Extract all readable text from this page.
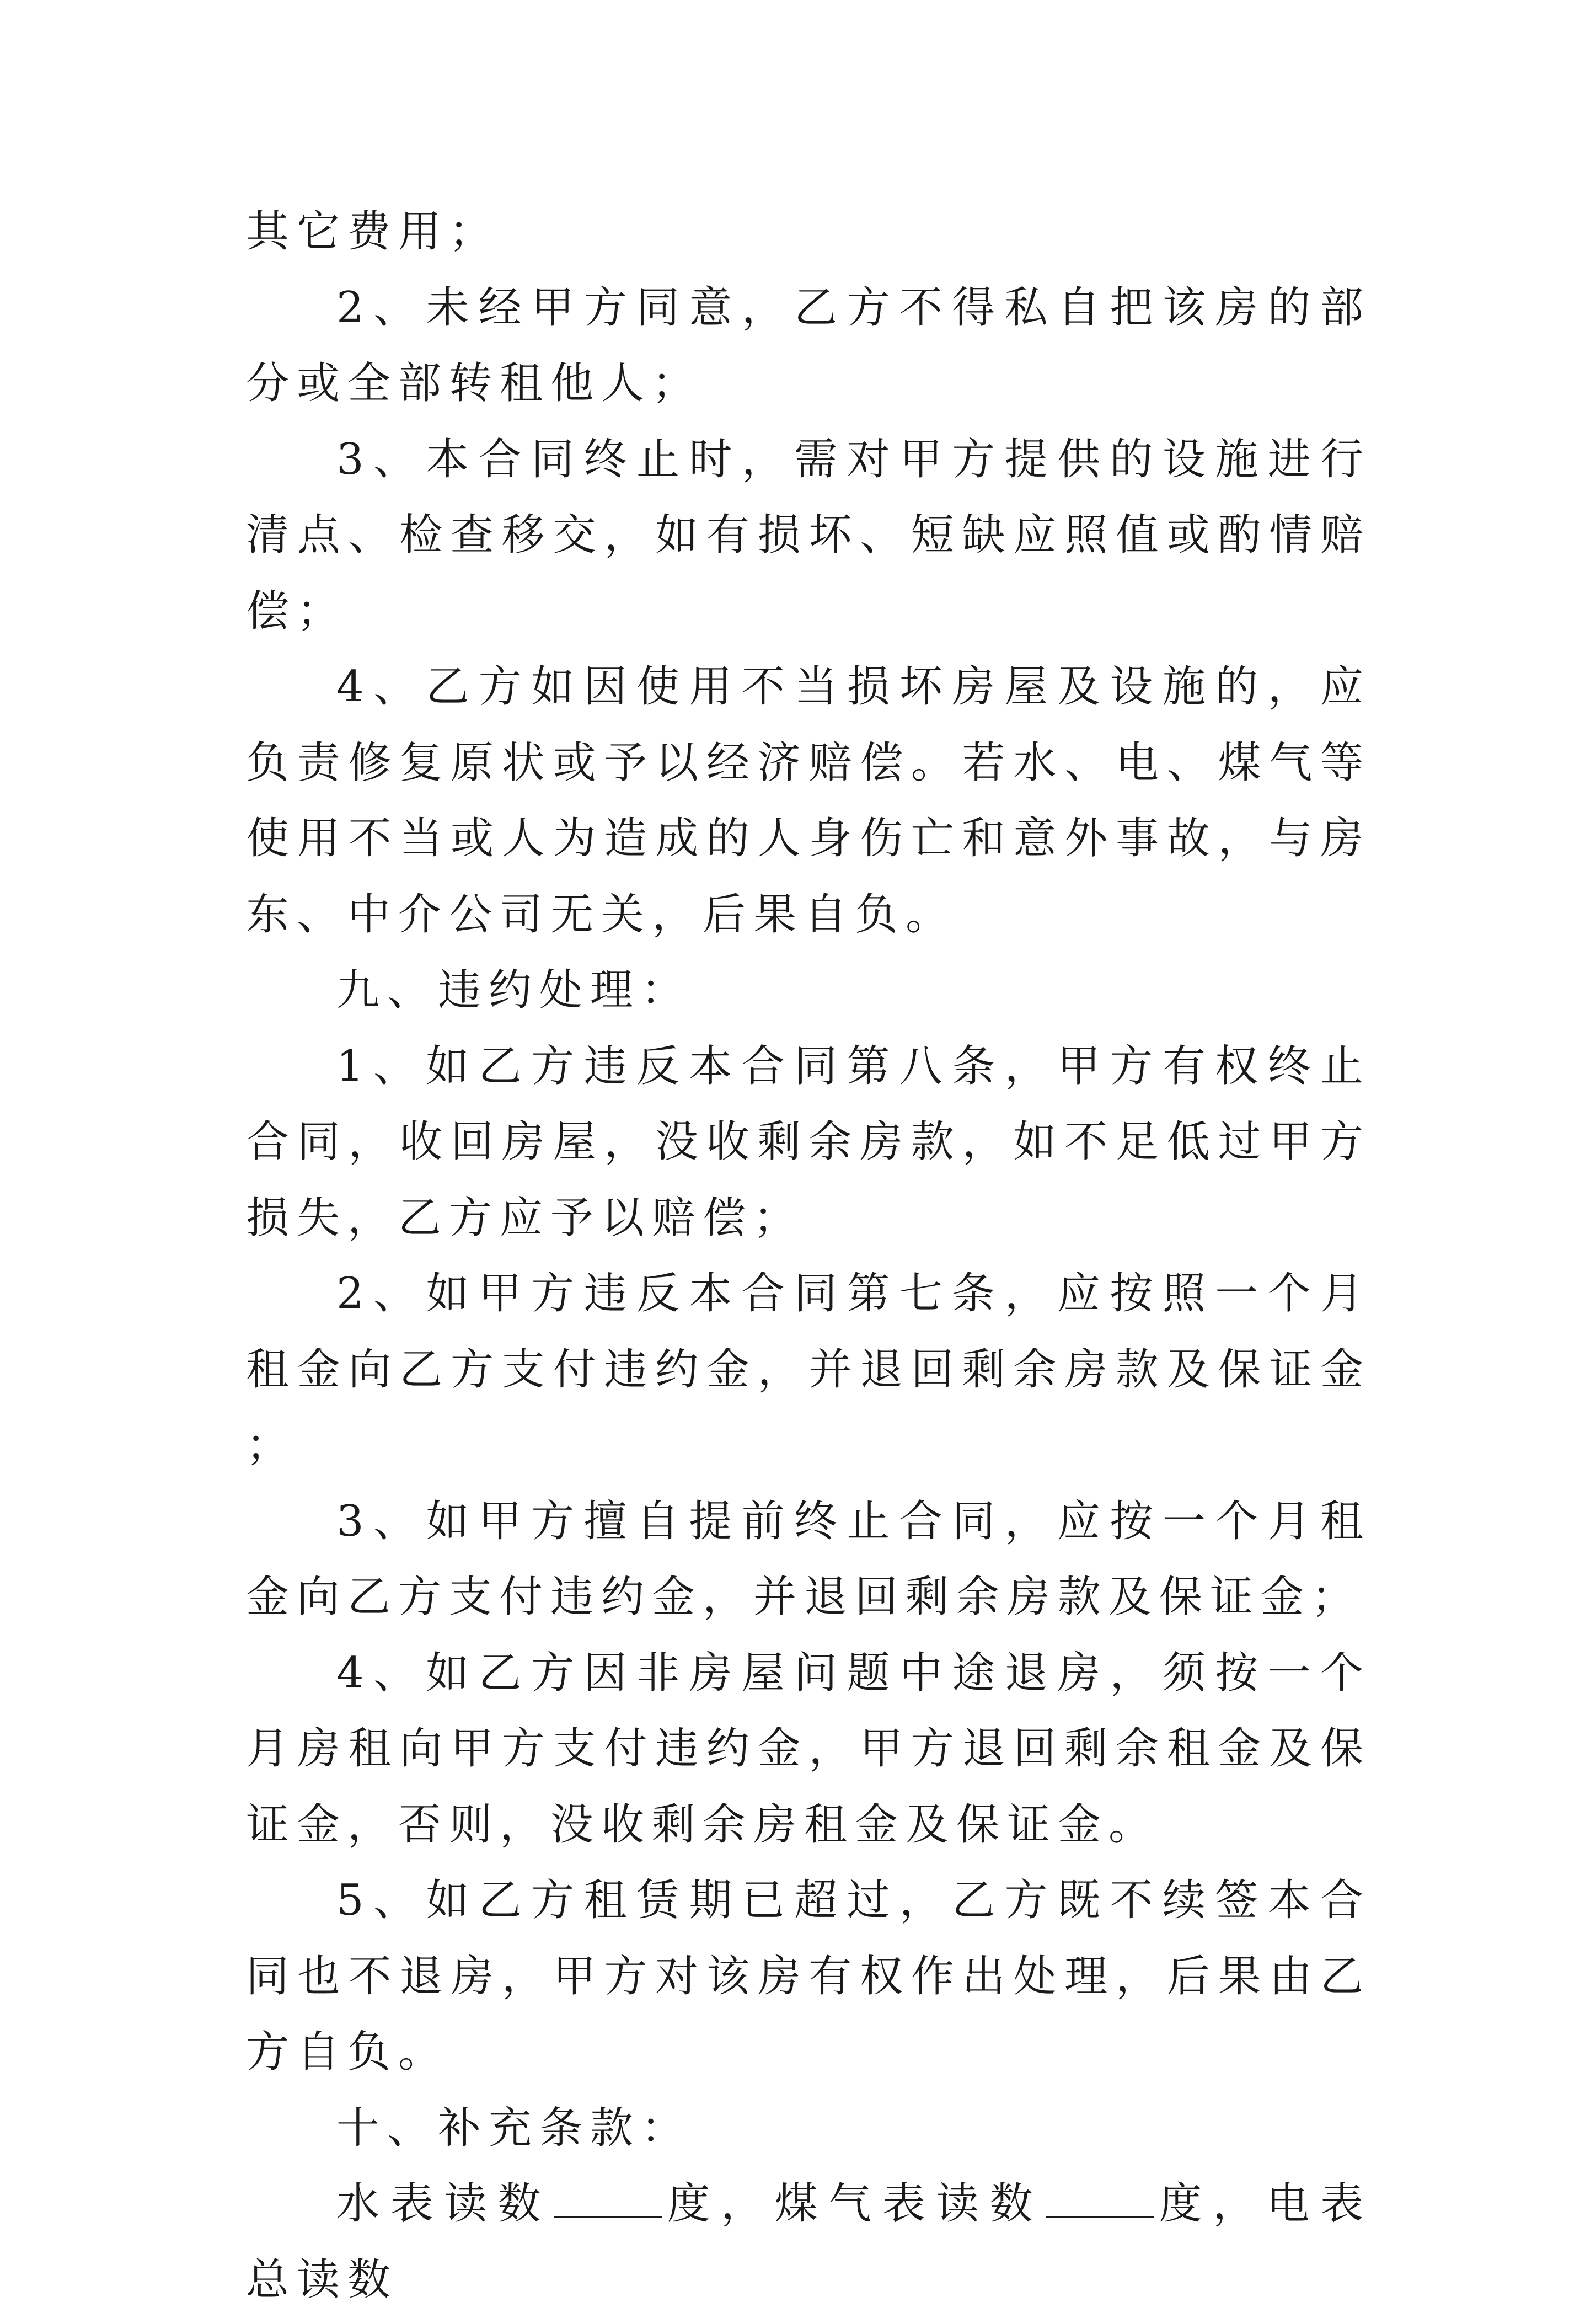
其它费用；

2、未经甲方同意，乙方不得私自把该房的部分或全部转租他人；

3、本合同终止时，需对甲方提供的设施进行清点、检查移交，如有损坏、短缺应照值或酌情赔偿；

4、乙方如因使用不当损坏房屋及设施的，应负责修复原状或予以经济赔偿。若水、电、煤气等使用不当或人为造成的人身伤亡和意外事故，与房东、中介公司无关，后果自负。

九、违约处理：

1、如乙方违反本合同第八条，甲方有权终止合同，收回房屋，没收剩余房款，如不足低过甲方损失，乙方应予以赔偿；

2、如甲方违反本合同第七条，应按照一个月租金向乙方支付违约金，并退回剩余房款及保证金；

3、如甲方擅自提前终止合同，应按一个月租金向乙方支付违约金，并退回剩余房款及保证金；

4、如乙方因非房屋问题中途退房，须按一个月房租向甲方支付违约金，甲方退回剩余租金及保证金，否则，没收剩余房租金及保证金。

5、如乙方租赁期已超过，乙方既不续签本合同也不退房，甲方对该房有权作出处理，后果由乙方自负。

十、补充条款：

水表读数	度，煤气表读数	度，电表总读数
